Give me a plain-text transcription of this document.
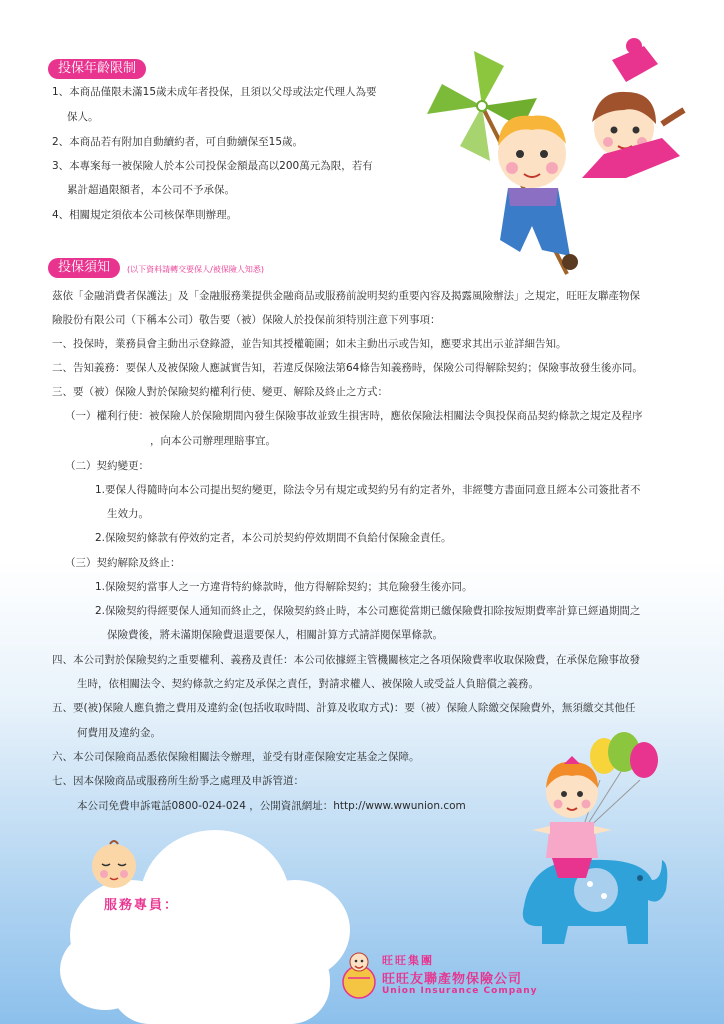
投保年齡限制
1、本商品僅限未滿15歲未成年者投保，且須以父母或法定代理人為要
保人。
2、本商品若有附加自動續約者，可自動續保至15歲。
3、本專案每一被保險人於本公司投保金額最高以200萬元為限，若有
累計超過限額者，本公司不予承保。
4、相關規定須依本公司核保準則辦理。
投保須知	(以下資料請轉交要保人/被保險人知悉)
茲依「金融消費者保護法」及「金融服務業提供金融商品或服務前說明契約重要內容及揭露風險辦法」之規定，旺旺友聯產物保
險股份有限公司（下稱本公司）敬告要（被）保險人於投保前須特別注意下列事項：
一、投保時，業務員會主動出示登錄證，並告知其授權範圍；如未主動出示或告知，應要求其出示並詳細告知。
二、告知義務：要保人及被保險人應誠實告知，若違反保險法第64條告知義務時，保險公司得解除契約；保險事故發生後亦同。
三、要（被）保險人對於保險契約權利行使、變更、解除及終止之方式：
（一）權利行使：被保險人於保險期間內發生保險事故並致生損害時，應依保險法相關法令與投保商品契約條款之規定及程序
，向本公司辦理理賠事宜。
（二）契約變更：
1.要保人得隨時向本公司提出契約變更，除法令另有規定或契約另有約定者外，非經雙方書面同意且經本公司簽批者不
生效力。
2.保險契約條款有停效約定者，本公司於契約停效期間不負給付保險金責任。
（三）契約解除及終止：
1.保險契約當事人之一方違背特約條款時，他方得解除契約；其危險發生後亦同。
2.保險契約得經要保人通知而終止之，保險契約終止時，本公司應從當期已繳保險費扣除按短期費率計算已經過期間之
保險費後，將未滿期保險費退還要保人，相關計算方式請詳閱保單條款。
四、本公司對於保險契約之重要權利、義務及責任：本公司依據經主管機關核定之各項保險費率收取保險費，在承保危險事故發
生時，依相關法令、契約條款之約定及承保之責任，對請求權人、被保險人或受益人負賠償之義務。
五、要(被)保險人應負擔之費用及違約金(包括收取時間、計算及收取方式)：要（被）保險人除繳交保險費外，無須繳交其他任
何費用及違約金。
六、本公司保險商品悉依保險相關法令辦理，並受有財產保險安定基金之保障。
七、因本保險商品或服務所生紛爭之處理及申訴管道：
本公司免費申訴電話0800-024-024 ，公開資訊網址：http://www.wwunion.com
服務專員：
旺旺集團
旺旺友聯產物保險公司
Union Insurance Company
